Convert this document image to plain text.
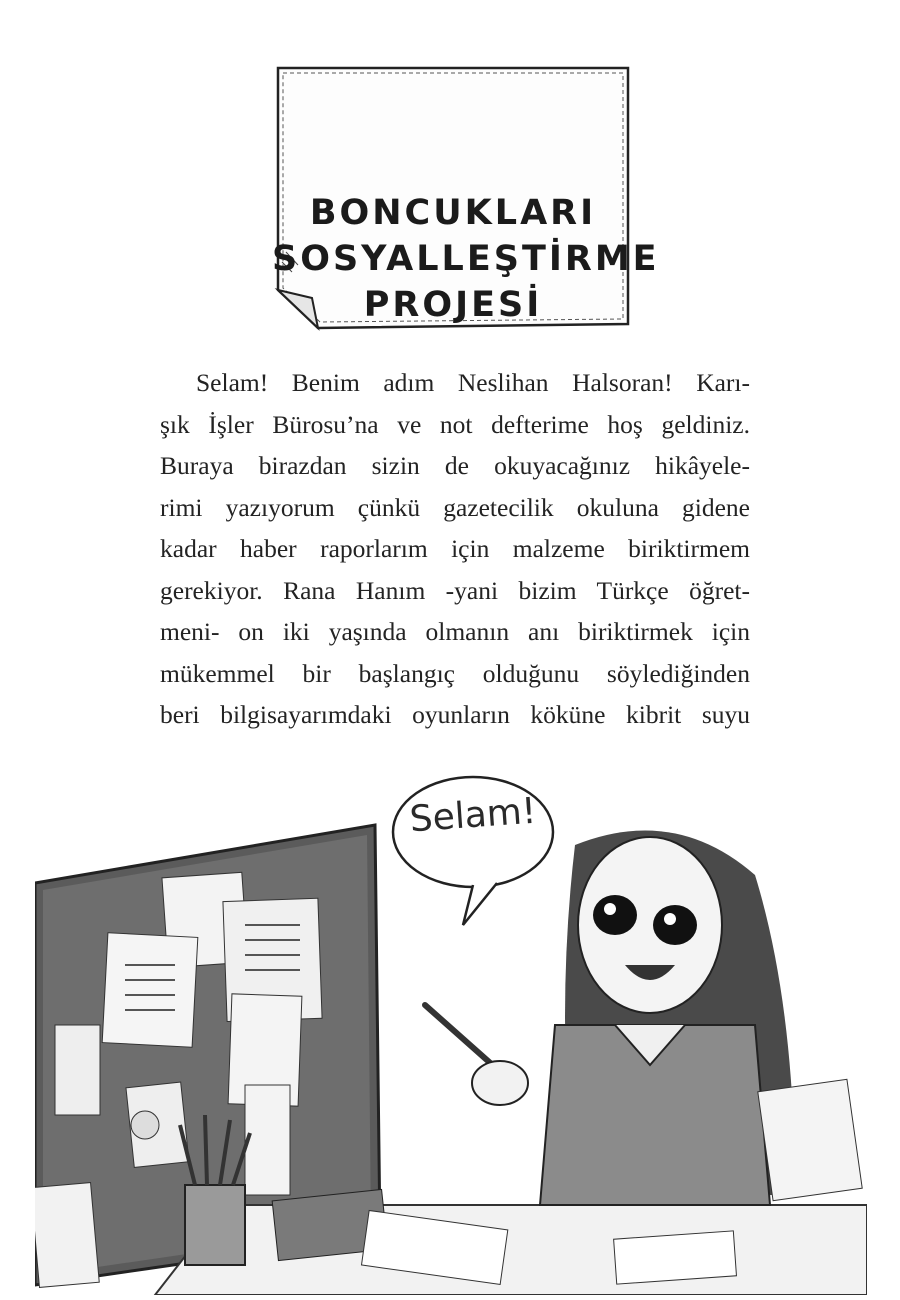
BONCUKLARI
SOSYALLEŞTİRME
PROJESİ
Selam! Benim adım Neslihan Halsoran! Karı-
şık İşler Bürosu’na ve not defterime hoş geldiniz.
Buraya birazdan sizin de okuyacağınız hikâyele-
rimi yazıyorum çünkü gazetecilik okuluna gidene
kadar haber raporlarım için malzeme biriktirmem
gerekiyor. Rana Hanım -yani bizim Türkçe öğret-
meni- on iki yaşında olmanın anı biriktirmek için
mükemmel bir başlangıç olduğunu söylediğinden
beri bilgisayarımdaki oyunların köküne kibrit suyu
Selam!
